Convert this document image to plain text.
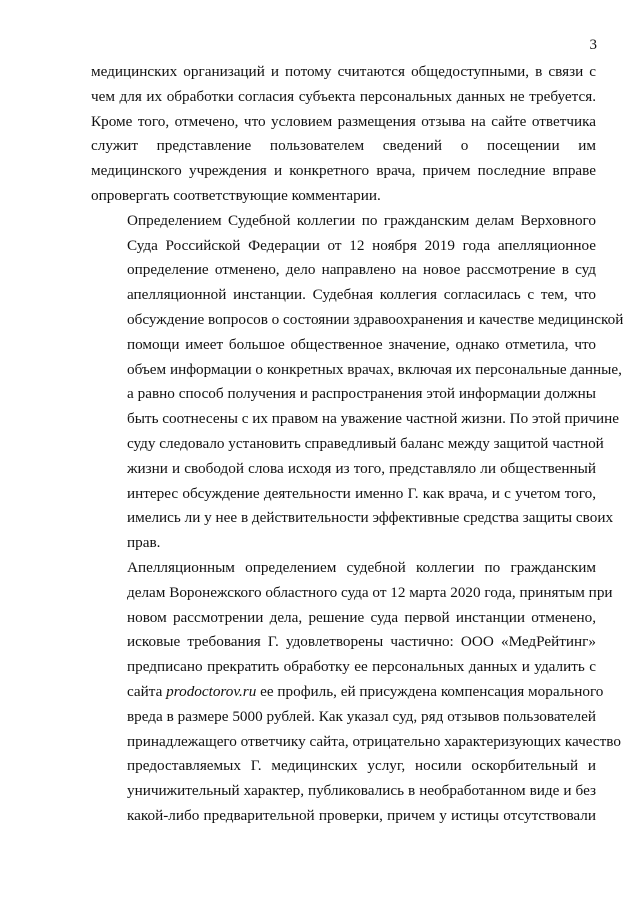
3
медицинских организаций и потому считаются общедоступными, в связи с
чем для их обработки согласия субъекта персональных данных не требуется.
Кроме того, отмечено, что условием размещения отзыва на сайте ответчика
служит представление пользователем сведений о посещении им
медицинского учреждения и конкретного врача, причем последние вправе
опровергать соответствующие комментарии.
Определением Судебной коллегии по гражданским делам Верховного
Суда Российской Федерации от 12 ноября 2019 года апелляционное
определение отменено, дело направлено на новое рассмотрение в суд
апелляционной инстанции. Судебная коллегия согласилась с тем, что
обсуждение вопросов о состоянии здравоохранения и качестве медицинской
помощи имеет большое общественное значение, однако отметила, что
объем информации о конкретных врачах, включая их персональные данные,
а равно способ получения и распространения этой информации должны
быть соотнесены с их правом на уважение частной жизни. По этой причине
суду следовало установить справедливый баланс между защитой частной
жизни и свободой слова исходя из того, представляло ли общественный
интерес обсуждение деятельности именно Г. как врача, и с учетом того,
имелись ли у нее в действительности эффективные средства защиты своих
прав.
Апелляционным определением судебной коллегии по гражданским
делам Воронежского областного суда от 12 марта 2020 года, принятым при
новом рассмотрении дела, решение суда первой инстанции отменено,
исковые требования Г. удовлетворены частично: ООО «МедРейтинг»
предписано прекратить обработку ее персональных данных и удалить с
сайта prodoctorov.ru ее профиль, ей присуждена компенсация морального
вреда в размере 5000 рублей. Как указал суд, ряд отзывов пользователей
принадлежащего ответчику сайта, отрицательно характеризующих качество
предоставляемых Г. медицинских услуг, носили оскорбительный и
уничижительный характер, публиковались в необработанном виде и без
какой-либо предварительной проверки, причем у истицы отсутствовали
